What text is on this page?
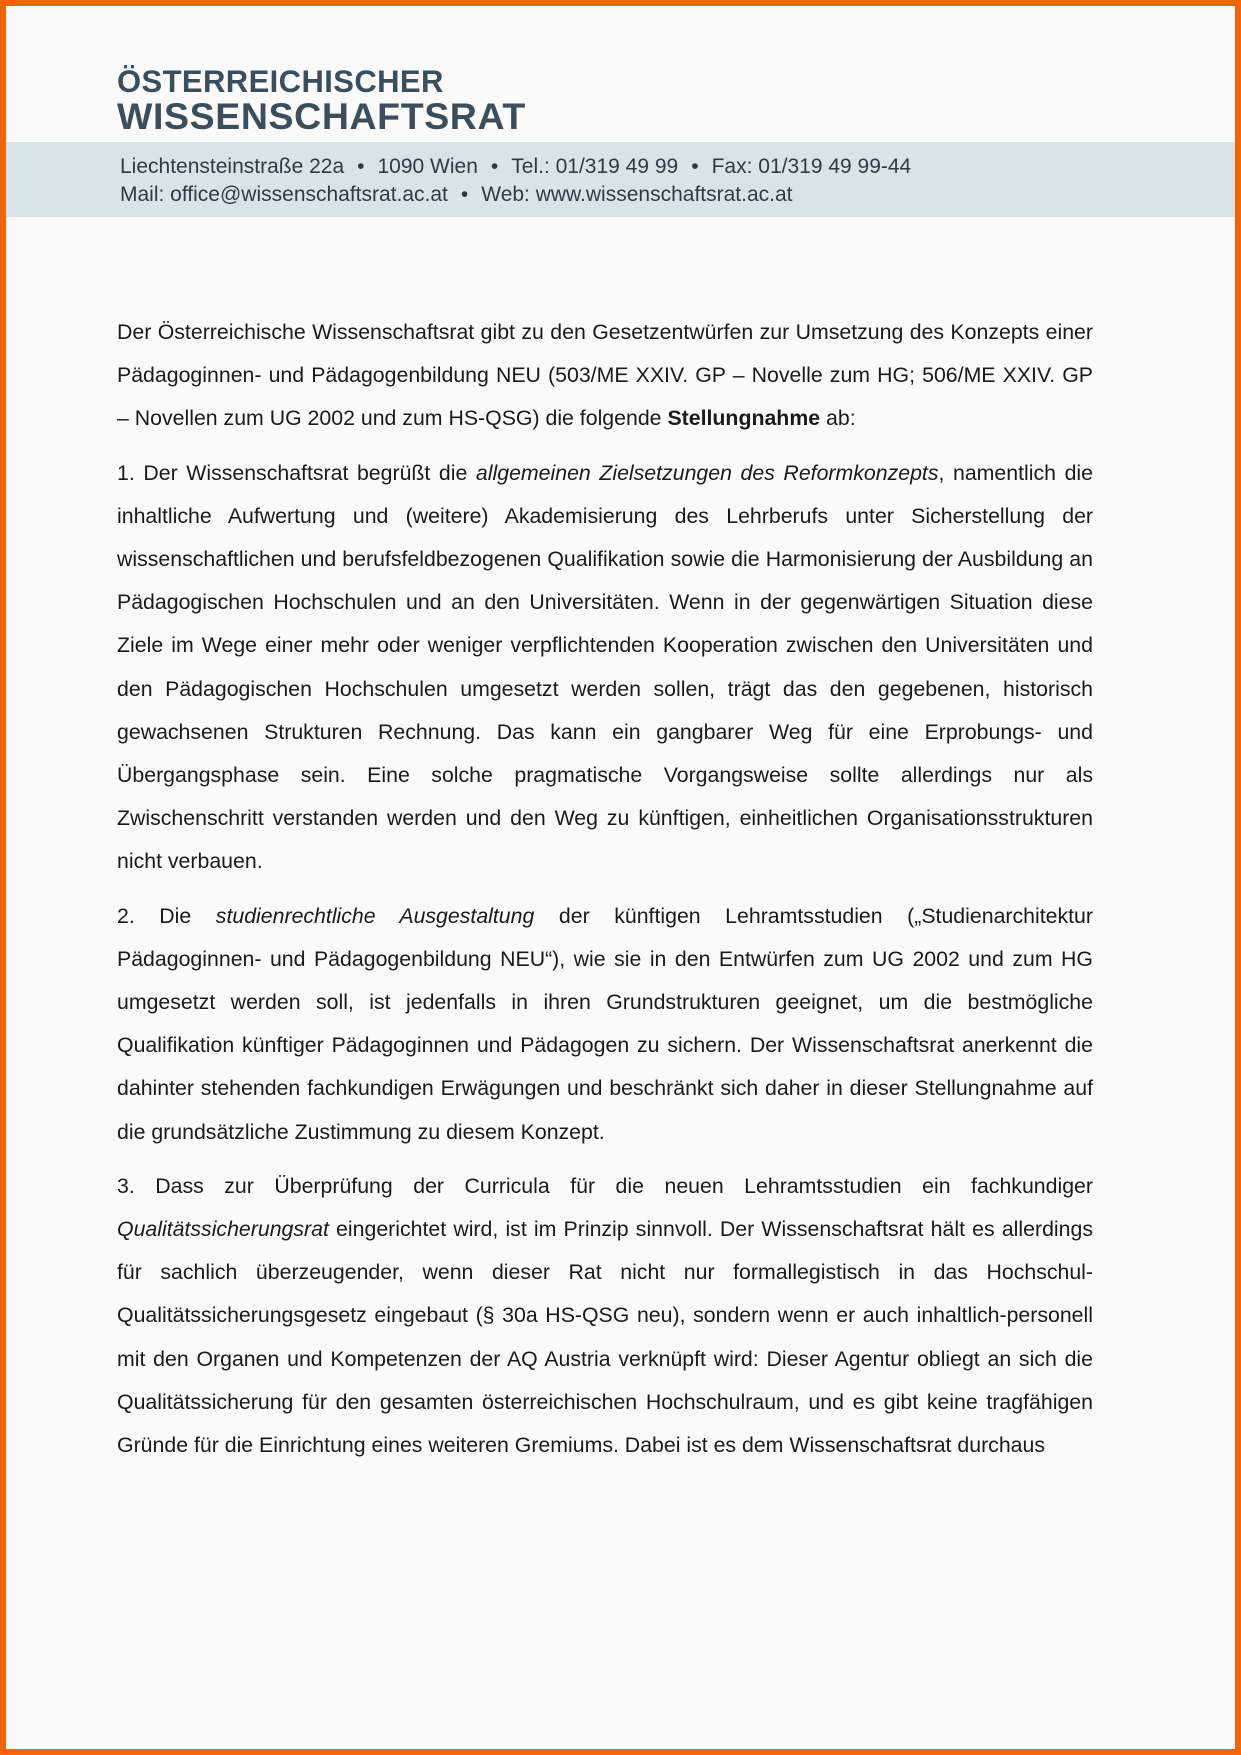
ÖSTERREICHISCHER
WISSENSCHAFTSRAT
Liechtensteinstraße 22a • 1090 Wien • Tel.: 01/319 49 99 • Fax: 01/319 49 99-44
Mail: office@wissenschaftsrat.ac.at • Web: www.wissenschaftsrat.ac.at

Der Österreichische Wissenschaftsrat gibt zu den Gesetzentwürfen zur Umsetzung des Konzepts einer Pädagoginnen- und Pädagogenbildung NEU (503/ME XXIV. GP – Novelle zum HG; 506/ME XXIV. GP – Novellen zum UG 2002 und zum HS-QSG) die folgende Stellungnahme ab:

1. Der Wissenschaftsrat begrüßt die allgemeinen Zielsetzungen des Reformkonzepts, namentlich die inhaltliche Aufwertung und (weitere) Akademisierung des Lehrberufs unter Sicherstellung der wissenschaftlichen und berufsfeldbezogenen Qualifikation sowie die Harmonisierung der Ausbildung an Pädagogischen Hochschulen und an den Universitäten. Wenn in der gegenwärtigen Situation diese Ziele im Wege einer mehr oder weniger verpflichtenden Kooperation zwischen den Universitäten und den Pädagogischen Hochschulen umgesetzt werden sollen, trägt das den gegebenen, historisch gewachsenen Strukturen Rechnung. Das kann ein gangbarer Weg für eine Erprobungs- und Übergangsphase sein. Eine solche pragmatische Vorgangsweise sollte allerdings nur als Zwischenschritt verstanden werden und den Weg zu künftigen, einheitlichen Organisationsstrukturen nicht verbauen.

2. Die studienrechtliche Ausgestaltung der künftigen Lehramtsstudien („Studienarchitektur Pädagoginnen- und Pädagogenbildung NEU“), wie sie in den Entwürfen zum UG 2002 und zum HG umgesetzt werden soll, ist jedenfalls in ihren Grundstrukturen geeignet, um die bestmögliche Qualifikation künftiger Pädagoginnen und Pädagogen zu sichern. Der Wissenschaftsrat anerkennt die dahinter stehenden fachkundigen Erwägungen und beschränkt sich daher in dieser Stellungnahme auf die grundsätzliche Zustimmung zu diesem Konzept.

3. Dass zur Überprüfung der Curricula für die neuen Lehramtsstudien ein fachkundiger Qualitätssicherungsrat eingerichtet wird, ist im Prinzip sinnvoll. Der Wissenschaftsrat hält es allerdings für sachlich überzeugender, wenn dieser Rat nicht nur formallegistisch in das Hochschul-Qualitätssicherungsgesetz eingebaut (§ 30a HS-QSG neu), sondern wenn er auch inhaltlich-personell mit den Organen und Kompetenzen der AQ Austria verknüpft wird: Dieser Agentur obliegt an sich die Qualitätssicherung für den gesamten österreichischen Hochschulraum, und es gibt keine tragfähigen Gründe für die Einrichtung eines weiteren Gremiums. Dabei ist es dem Wissenschaftsrat durchaus
